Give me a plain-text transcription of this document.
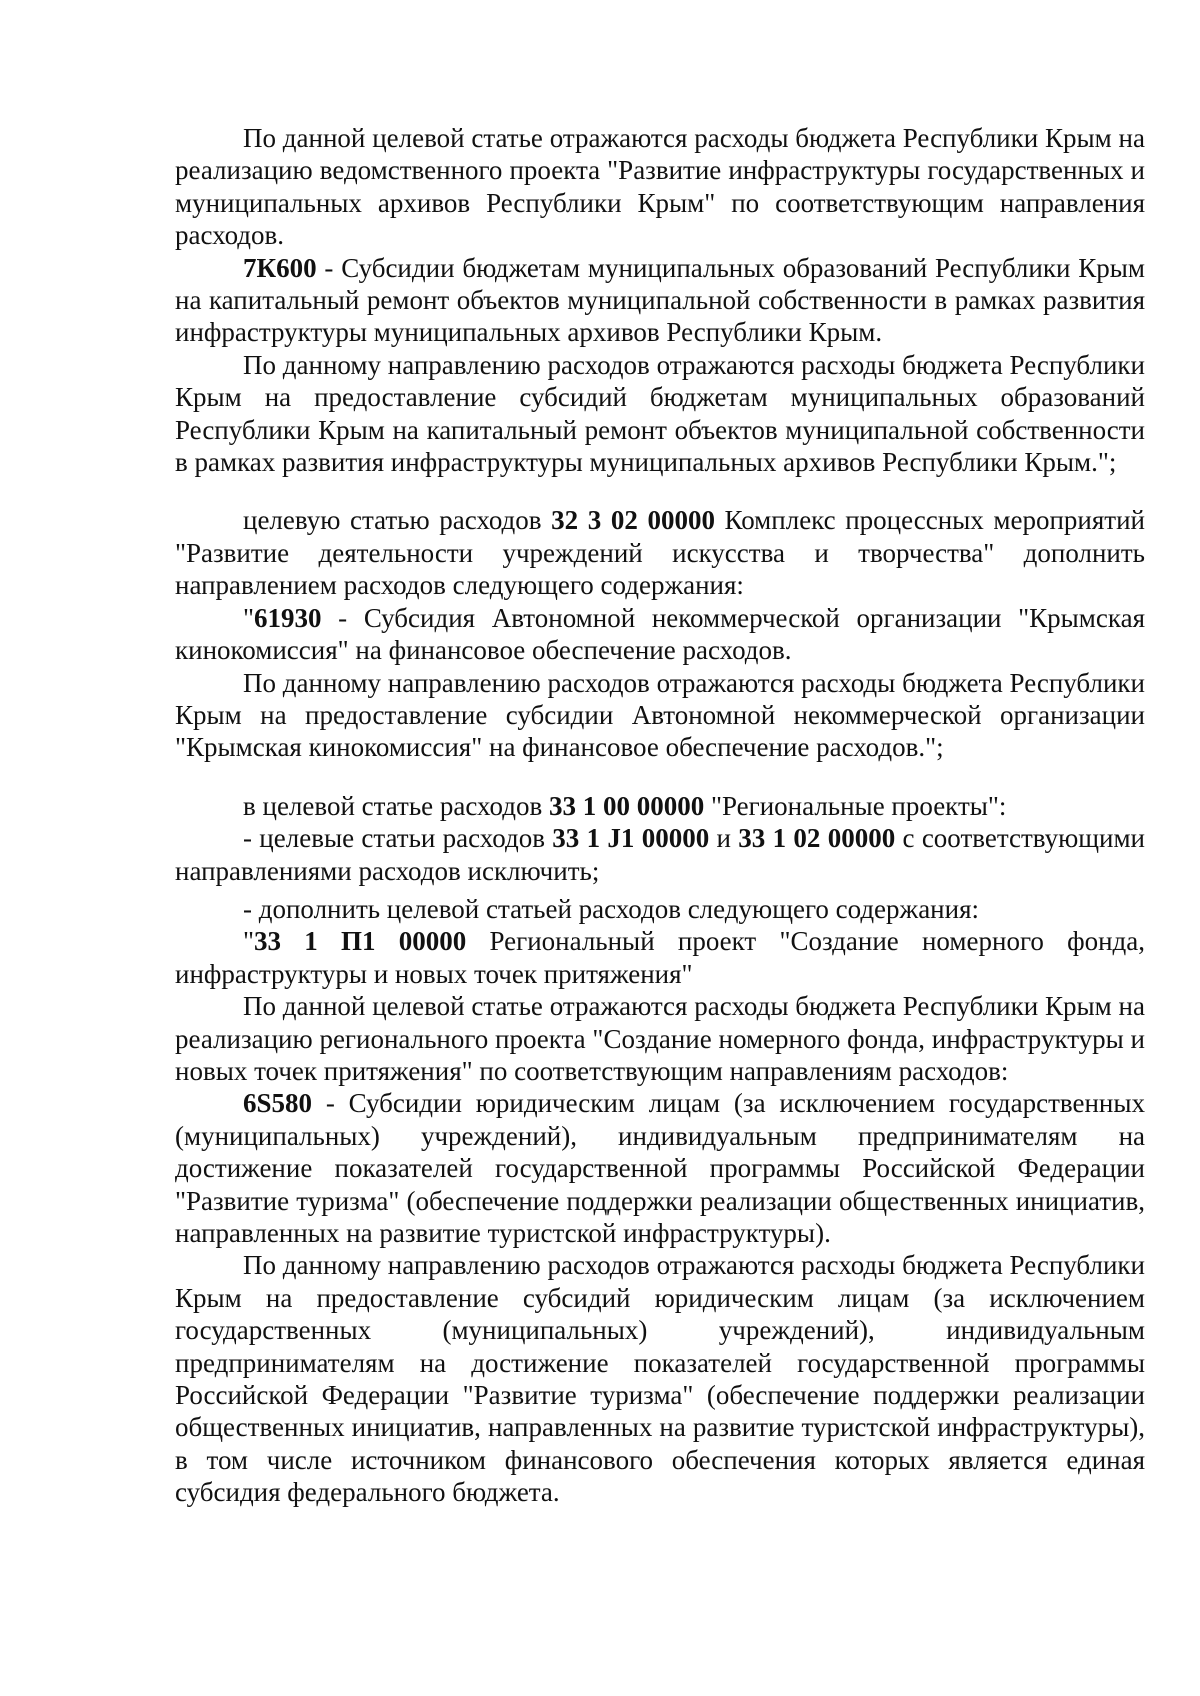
По данной целевой статье отражаются расходы бюджета Республики Крым на реализацию ведомственного проекта "Развитие инфраструктуры государственных и муниципальных архивов Республики Крым" по соответствующим направления расходов.

7К600 - Субсидии бюджетам муниципальных образований Республики Крым на капитальный ремонт объектов муниципальной собственности в рамках развития инфраструктуры муниципальных архивов Республики Крым.

По данному направлению расходов отражаются расходы бюджета Республики Крым на предоставление субсидий бюджетам муниципальных образований Республики Крым на капитальный ремонт объектов муниципальной собственности в рамках развития инфраструктуры муниципальных архивов Республики Крым.";

целевую статью расходов 32 3 02 00000 Комплекс процессных мероприятий "Развитие деятельности учреждений искусства и творчества" дополнить направлением расходов следующего содержания:

"61930 - Субсидия Автономной некоммерческой организации "Крымская кинокомиссия" на финансовое обеспечение расходов.

По данному направлению расходов отражаются расходы бюджета Республики Крым на предоставление субсидии Автономной некоммерческой организации "Крымская кинокомиссия" на финансовое обеспечение расходов.";

в целевой статье расходов 33 1 00 00000 "Региональные проекты":

- целевые статьи расходов 33 1 J1 00000 и 33 1 02 00000 с соответствующими направлениями расходов исключить;

- дополнить целевой статьей расходов следующего содержания:

"33 1 П1 00000 Региональный проект "Создание номерного фонда, инфраструктуры и новых точек притяжения"

По данной целевой статье отражаются расходы бюджета Республики Крым на реализацию регионального проекта "Создание номерного фонда, инфраструктуры и новых точек притяжения" по соответствующим направлениям расходов:

6S580 - Субсидии юридическим лицам (за исключением государственных (муниципальных) учреждений), индивидуальным предпринимателям на достижение показателей государственной программы Российской Федерации "Развитие туризма" (обеспечение поддержки реализации общественных инициатив, направленных на развитие туристской инфраструктуры).

По данному направлению расходов отражаются расходы бюджета Республики Крым на предоставление субсидий юридическим лицам (за исключением государственных (муниципальных) учреждений), индивидуальным предпринимателям на достижение показателей государственной программы Российской Федерации "Развитие туризма" (обеспечение поддержки реализации общественных инициатив, направленных на развитие туристской инфраструктуры), в том числе источником финансового обеспечения которых является единая субсидия федерального бюджета.
